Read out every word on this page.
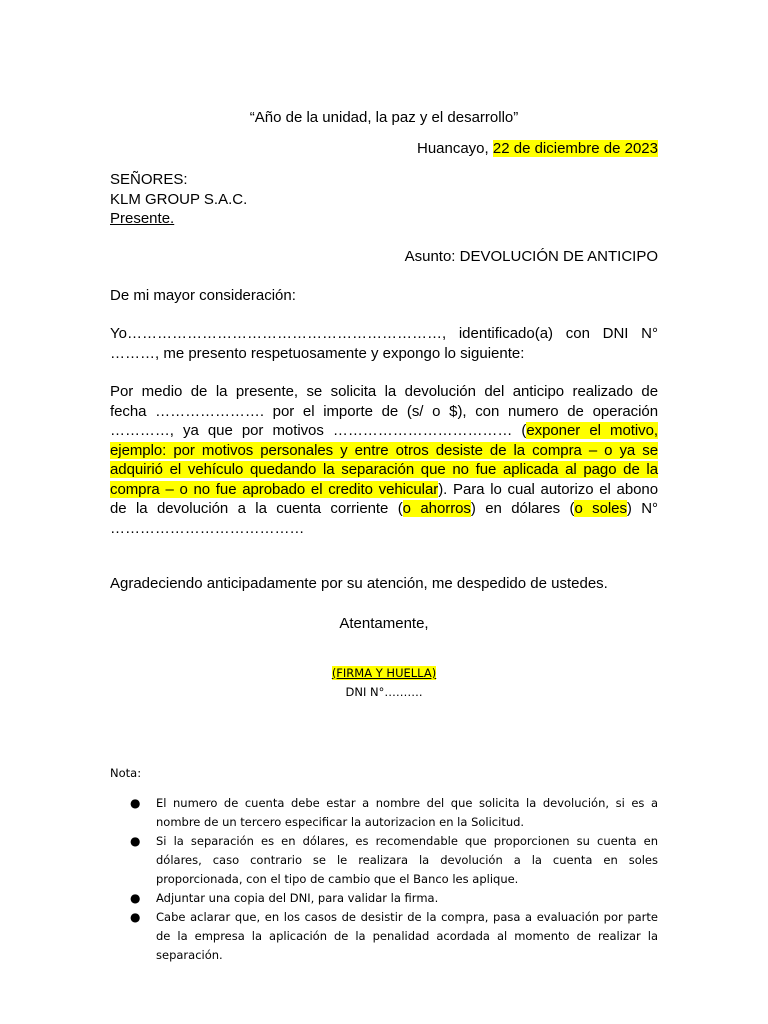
“Año de la unidad, la paz y el desarrollo”
Huancayo, 22 de diciembre de 2023
SEÑORES:
KLM GROUP S.A.C.
Presente.
Asunto: DEVOLUCIÓN DE ANTICIPO
De mi mayor consideración:
Yo………………………………………………………, identificado(a) con DNI N°
………, me presento respetuosamente y expongo lo siguiente:
Por medio de la presente, se solicita la devolución del anticipo realizado de
fecha …………………. por el importe de (s/ o $), con numero de operación
…………, ya que por motivos ……………………………… (exponer el motivo,
ejemplo: por motivos personales y entre otros desiste de la compra – o ya se
adquirió el vehículo quedando la separación que no fue aplicada al pago de la
compra – o no fue aprobado el credito vehicular). Para lo cual autorizo el abono
de la devolución a la cuenta corriente (o ahorros) en dólares (o soles) N°
…………………………………
Agradeciendo anticipadamente por su atención, me despedido de ustedes.
Atentamente,
(FIRMA Y HUELLA)
DNI N°……….
Nota:
● El numero de cuenta debe estar a nombre del que solicita la devolución, si es a nombre de un tercero especificar la autorizacion en la Solicitud.
● Si la separación es en dólares, es recomendable que proporcionen su cuenta en dólares, caso contrario se le realizara la devolución a la cuenta en soles proporcionada, con el tipo de cambio que el Banco les aplique.
● Adjuntar una copia del DNI, para validar la firma.
● Cabe aclarar que, en los casos de desistir de la compra, pasa a evaluación por parte de la empresa la aplicación de la penalidad acordada al momento de realizar la separación.
